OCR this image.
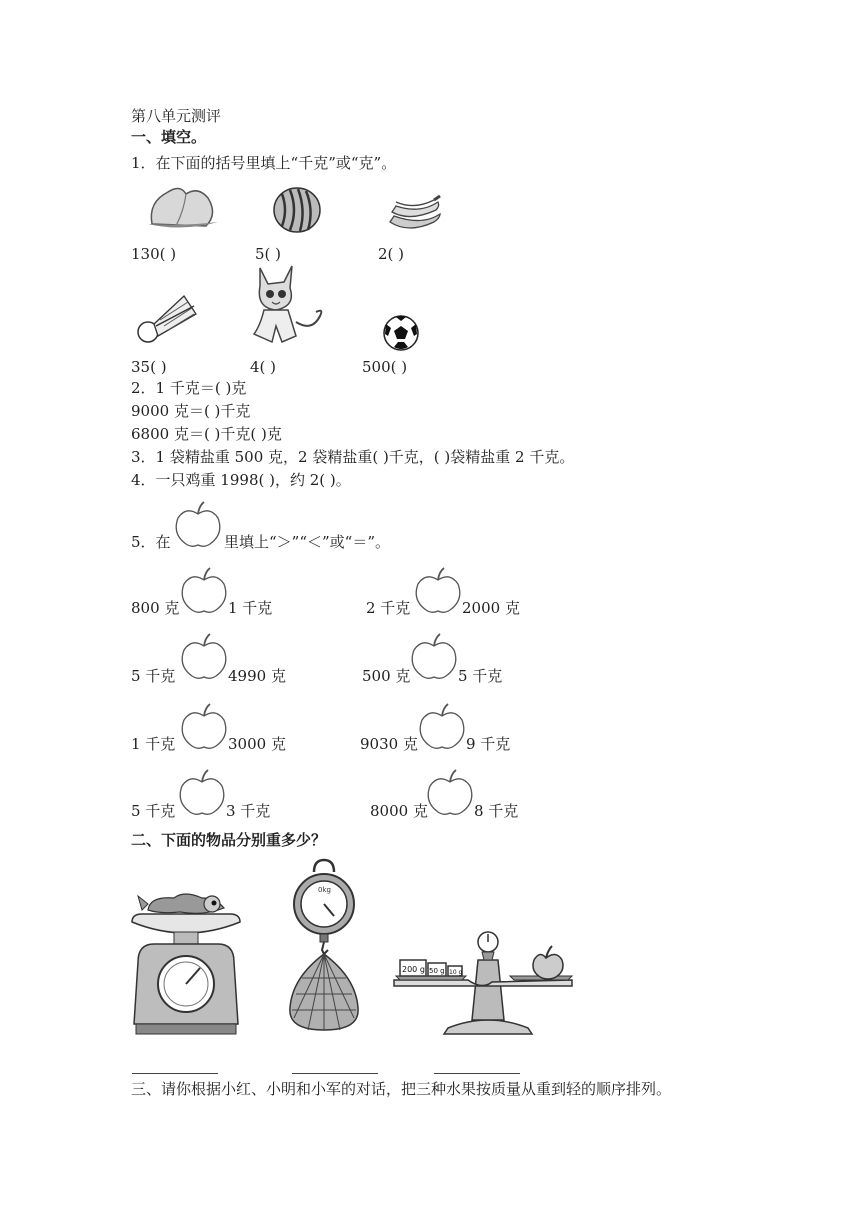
第八单元测评
一、填空。
1．在下面的括号里填上“千克”或“克”。
130( )	5( )	2( )
35( )	4( )	500( )
2．1 千克＝( )克
9000 克＝( )千克
6800 克＝( )千克( )克
3．1 袋精盐重 500 克，2 袋精盐重( )千克，( )袋精盐重 2 千克。
4．一只鸡重 1998( )，约 2( )。
5．在	里填上“＞”“＜”或“＝”。
800 克	1 千克	2 千克	2000 克
5 千克	4990 克	500 克	5 千克
1 千克	3000 克	9030 克	9 千克
5 千克	3 千克	8000 克	8 千克
二、下面的物品分别重多少？
0kg
200 g 50 g 10 g
三、请你根据小红、小明和小军的对话，把三种水果按质量从重到轻的顺序排列。
